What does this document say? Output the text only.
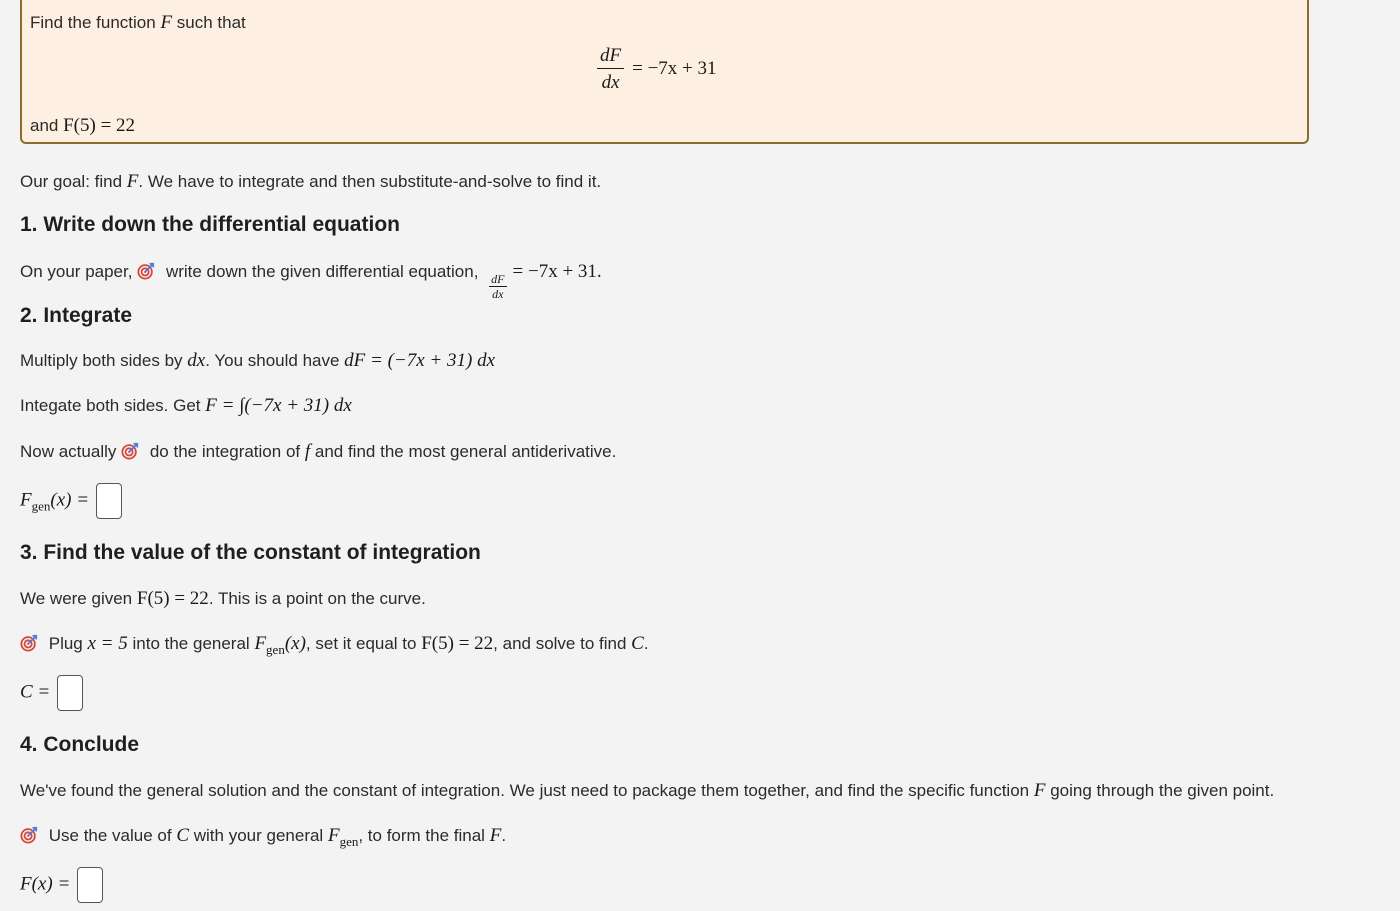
Find the function F such that
$\frac{dF}{dx} = -7x + 31$
and F(5) = 22
Our goal: find F. We have to integrate and then substitute-and-solve to find it.
1. Write down the differential equation
On your paper, write down the given differential equation,
$\frac{dF}{dx}$
= −7x + 31.
2. Integrate
Multiply both sides by dx. You should have dF = (−7x + 31) dx
Integate both sides. Get F = ∫(−7x + 31) dx
Now actually do the integration of f and find the most general antiderivative.
$F_{gen}(x)$ =
3. Find the value of the constant of integration
We were given F(5) = 22. This is a point on the curve.
Plug x = 5 into the general $F_{gen}(x)$, set it equal to F(5) = 22, and solve to find C.
C =
4. Conclude
We've found the general solution and the constant of integration. We just need to package them together, and find the specific function F going through the given point.
Use the value of C with your general $F_{gen}$, to form the final F.
F(x) =
